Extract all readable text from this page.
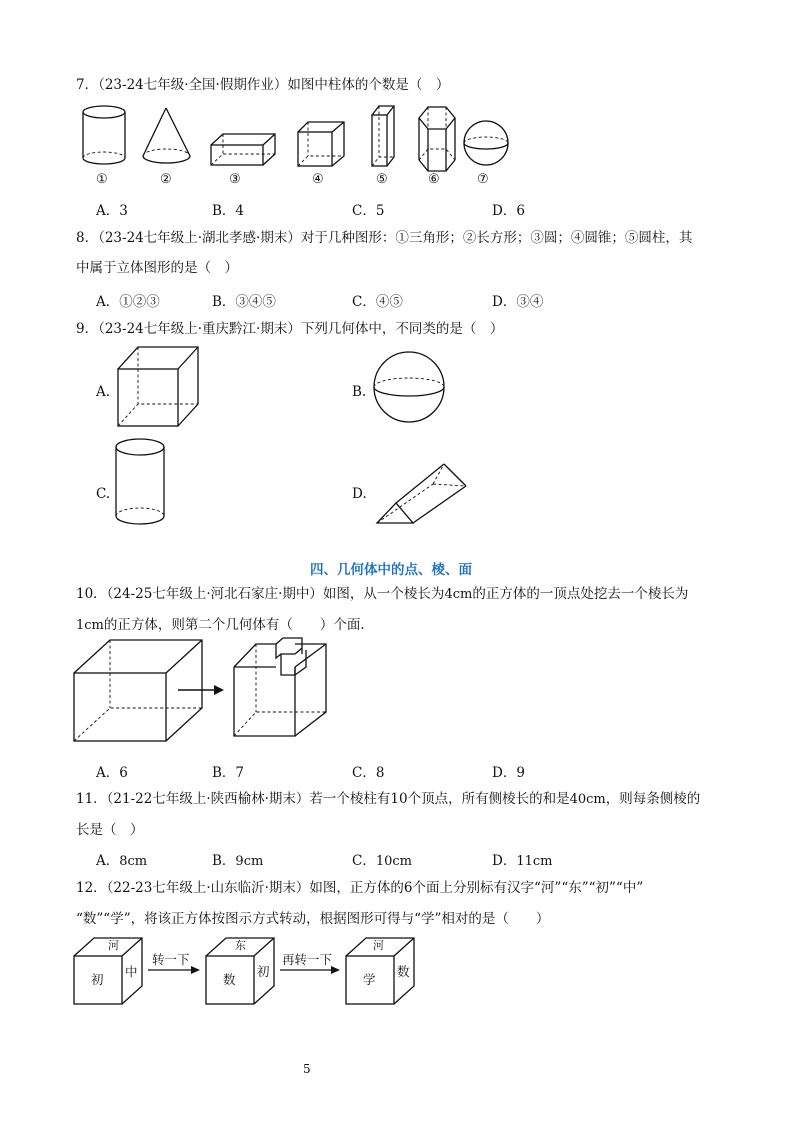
7．（23-24七年级·全国·假期作业）如图中柱体的个数是（　）
①	②	③	④	⑤	⑥	⑦
A．3	B．4	C．5	D．6
8．（23-24七年级上·湖北孝感·期末）对于几种图形：①三角形；②长方形；③圆；④圆锥；⑤圆柱，其
中属于立体图形的是（　）
A．①②③	B．③④⑤	C．④⑤	D．③④
9．（23-24七年级上·重庆黔江·期末）下列几何体中，不同类的是（　）
A.	B.
C.	D.
四、几何体中的点、棱、面
10．（24-25七年级上·河北石家庄·期中）如图，从一个棱长为4cm的正方体的一顶点处挖去一个棱长为
1cm的正方体，则第二个几何体有（　　）个面.
A．6	B．7	C．8	D．9
11．（21-22七年级上·陕西榆林·期末）若一个棱柱有10个顶点，所有侧棱长的和是40cm，则每条侧棱的
长是（　）
A．8cm	B．9cm	C．10cm	D．11cm
12．（22-23七年级上·山东临沂·期末）如图，正方体的6个面上分别标有汉字“河”“东”“初”“中”
“数”“学”，将该正方体按图示方式转动，根据图形可得与“学”相对的是（　　）
河
初
中
转一下
东
数
初
再转一下
河
学
数
5
